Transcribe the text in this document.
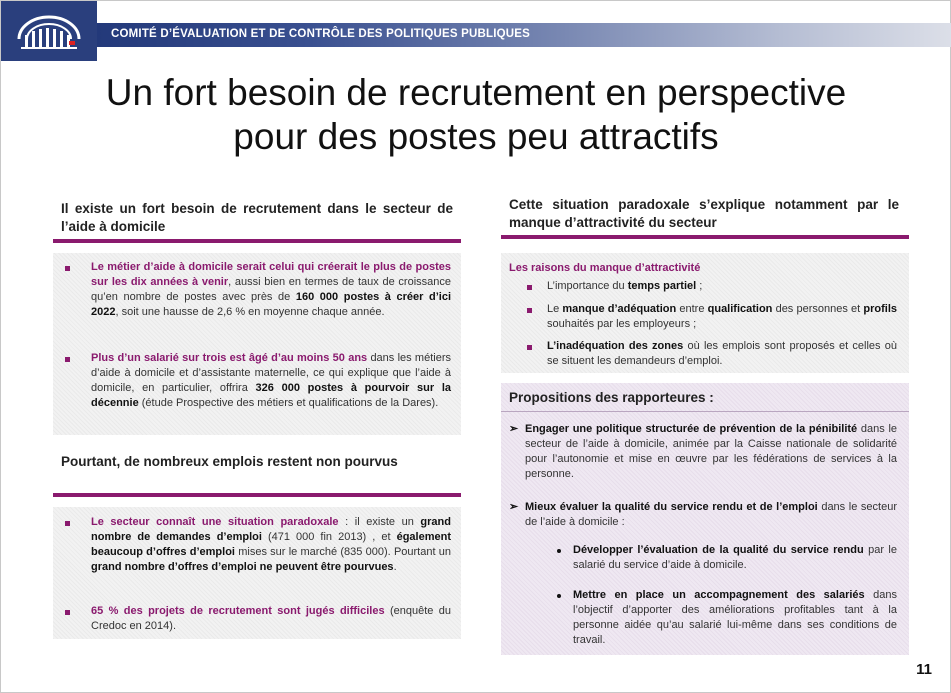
COMITÉ D’ÉVALUATION ET DE CONTRÔLE DES POLITIQUES PUBLIQUES
Un fort besoin de recrutement en perspective
pour des postes peu attractifs
Il existe un fort besoin de recrutement dans le secteur de l’aide à domicile
Le métier d’aide à domicile serait celui qui créerait le plus de postes sur les dix années à venir, aussi bien en termes de taux de croissance qu’en nombre de postes avec près de 160 000 postes à créer d’ici 2022, soit une hausse de 2,6 % en moyenne chaque année.
Plus d’un salarié sur trois est âgé d’au moins 50 ans dans les métiers d’aide à domicile et d’assistante maternelle, ce qui explique que l’aide à domicile, en particulier, offrira 326 000 postes à pourvoir sur la décennie (étude Prospective des métiers et qualifications de la Dares).
Pourtant, de nombreux emplois restent non pourvus
Le secteur connaît une situation paradoxale : il existe un grand nombre de demandes d’emploi (471 000 fin 2013) , et également beaucoup d’offres d’emploi mises sur le marché (835 000). Pourtant un grand nombre d’offres d’emploi ne peuvent être pourvues.
65 % des projets de recrutement sont jugés difficiles (enquête du Credoc en 2014).
Cette situation paradoxale s’explique notamment par le manque d’attractivité du secteur
Les raisons du manque d’attractivité
L’importance du temps partiel ;
Le manque d’adéquation entre qualification des personnes et profils souhaités par les employeurs ;
L’inadéquation des zones où les emplois sont proposés et celles où se situent les demandeurs d’emploi.
Propositions des rapporteures :
➢ Engager une politique structurée de prévention de la pénibilité dans le secteur de l’aide à domicile, animée par la Caisse nationale de solidarité pour l’autonomie et mise en œuvre par les fédérations de services à la personne.
➢ Mieux évaluer la qualité du service rendu et de l’emploi dans le secteur de l’aide à domicile :
Développer l’évaluation de la qualité du service rendu par le salarié du service d’aide à domicile.
Mettre en place un accompagnement des salariés dans l’objectif d’apporter des améliorations profitables tant à la personne aidée qu’au salarié lui-même dans ses conditions de travail.
11
